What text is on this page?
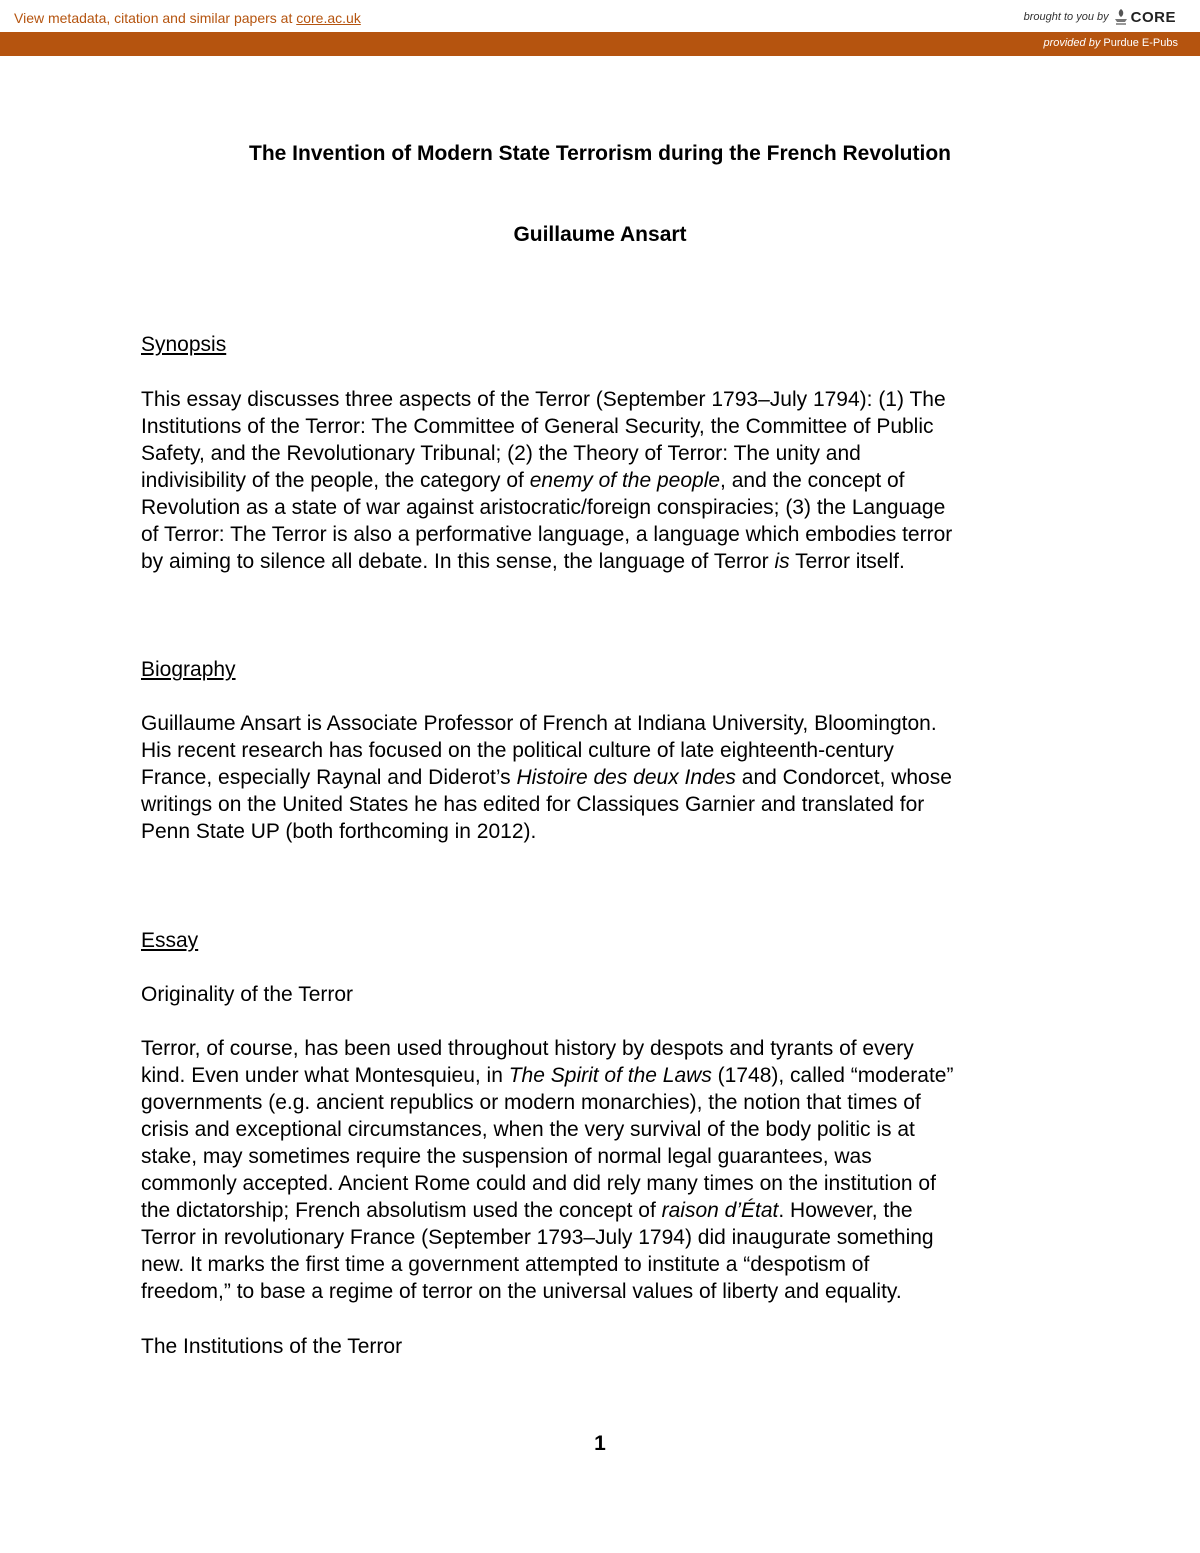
View metadata, citation and similar papers at core.ac.uk	brought to you by CORE
provided by Purdue E-Pubs
The Invention of Modern State Terrorism during the French Revolution
Guillaume Ansart
Synopsis
This essay discusses three aspects of the Terror (September 1793–July 1794): (1) The
Institutions of the Terror: The Committee of General Security, the Committee of Public
Safety, and the Revolutionary Tribunal; (2) the Theory of Terror: The unity and
indivisibility of the people, the category of enemy of the people, and the concept of
Revolution as a state of war against aristocratic/foreign conspiracies; (3) the Language
of Terror: The Terror is also a performative language, a language which embodies terror
by aiming to silence all debate. In this sense, the language of Terror is Terror itself.
Biography
Guillaume Ansart is Associate Professor of French at Indiana University, Bloomington.
His recent research has focused on the political culture of late eighteenth-century
France, especially Raynal and Diderot’s Histoire des deux Indes and Condorcet, whose
writings on the United States he has edited for Classiques Garnier and translated for
Penn State UP (both forthcoming in 2012).
Essay
Originality of the Terror
Terror, of course, has been used throughout history by despots and tyrants of every
kind. Even under what Montesquieu, in The Spirit of the Laws (1748), called “moderate”
governments (e.g. ancient republics or modern monarchies), the notion that times of
crisis and exceptional circumstances, when the very survival of the body politic is at
stake, may sometimes require the suspension of normal legal guarantees, was
commonly accepted. Ancient Rome could and did rely many times on the institution of
the dictatorship; French absolutism used the concept of raison d’État. However, the
Terror in revolutionary France (September 1793–July 1794) did inaugurate something
new. It marks the first time a government attempted to institute a “despotism of
freedom,” to base a regime of terror on the universal values of liberty and equality.
The Institutions of the Terror
1
